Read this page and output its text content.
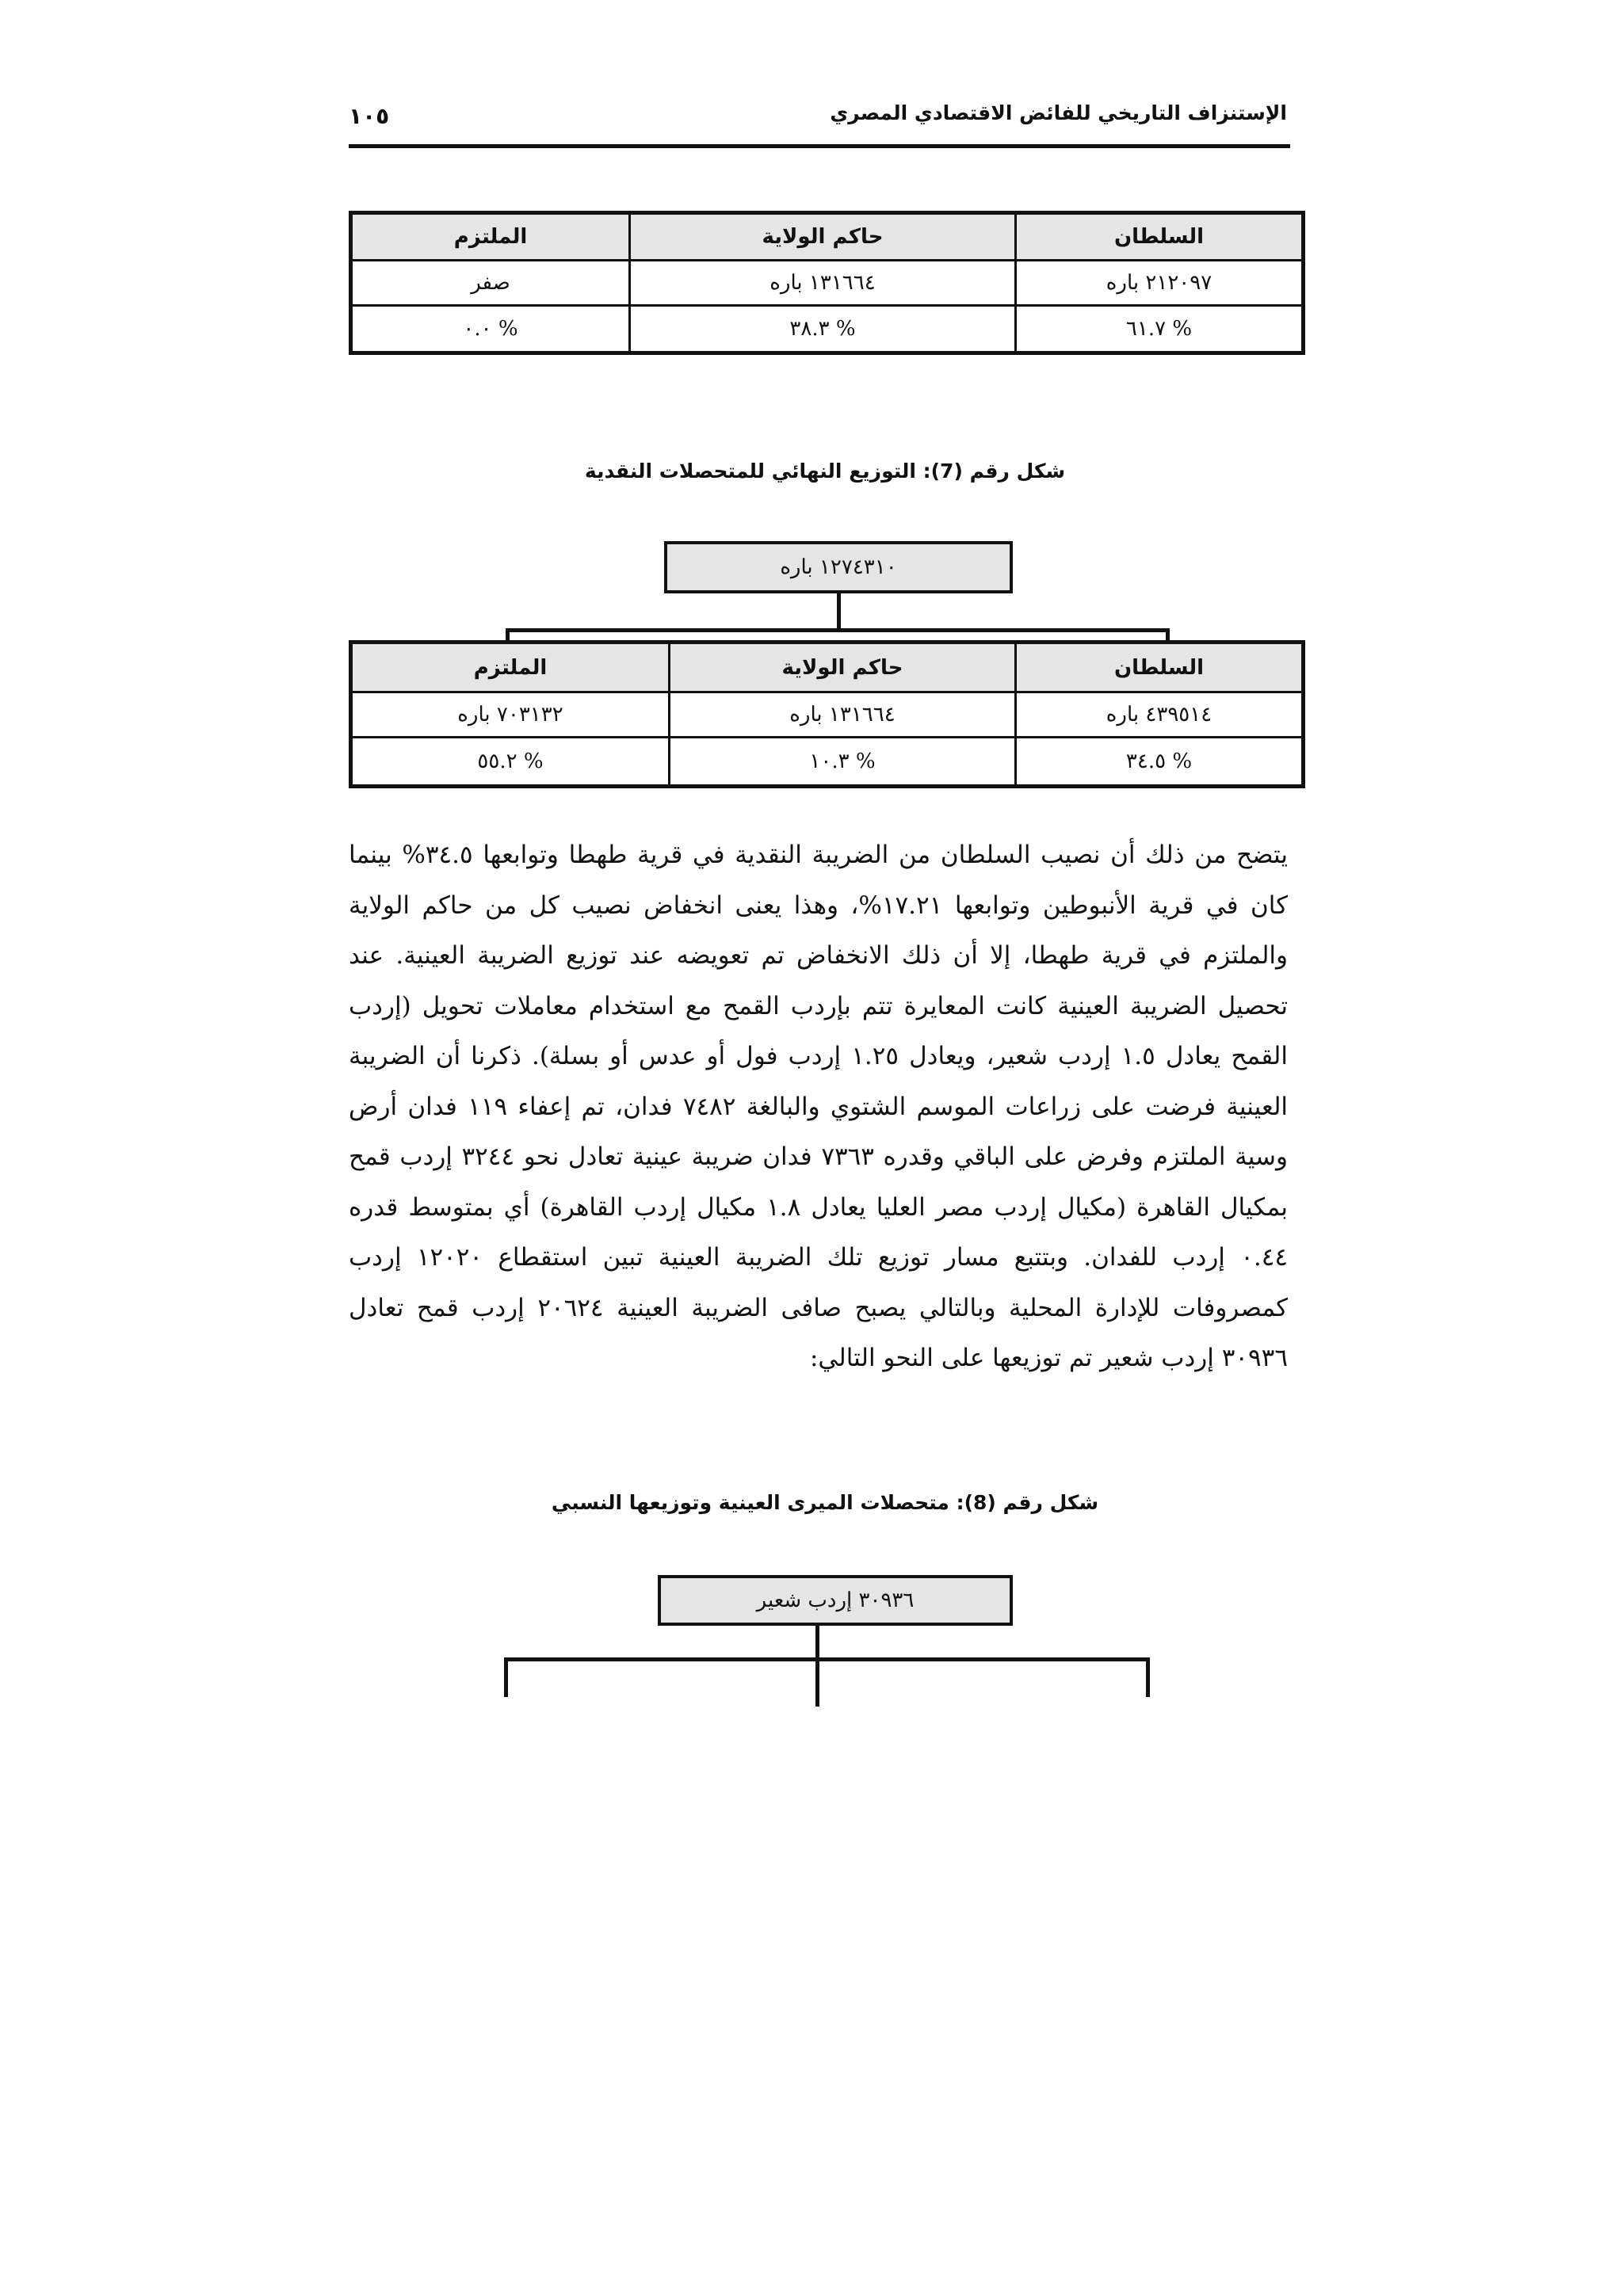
الإستنزاف التاريخي للفائض الاقتصادي المصري
١٠٥
السلطان	حاكم الولاية	الملتزم
٢١٢٠٩٧ باره	١٣١٦٦٤ باره	صفر
% ٦١.٧	% ٣٨.٣	% ٠.٠
شكل رقم (7): التوزيع النهائي للمتحصلات النقدية
١٢٧٤٣١٠ باره
السلطان	حاكم الولاية	الملتزم
٤٣٩٥١٤ باره	١٣١٦٦٤ باره	٧٠٣١٣٢ باره
% ٣٤.٥	% ١٠.٣	% ٥٥.٢

يتضح من ذلك أن نصيب السلطان من الضريبة النقدية في قرية طهطا وتوابعها ٣٤.٥% بينما كان في قرية الأنبوطين وتوابعها ١٧.٢١%، وهذا يعنى انخفاض نصيب كل من حاكم الولاية والملتزم في قرية طهطا، إلا أن ذلك الانخفاض تم تعويضه عند توزيع الضريبة العينية. عند تحصيل الضريبة العينية كانت المعايرة تتم بإردب القمح مع استخدام معاملات تحويل (إردب القمح يعادل ١.٥ إردب شعير، ويعادل ١.٢٥ إردب فول أو عدس أو بسلة). ذكرنا أن الضريبة العينية فرضت على زراعات الموسم الشتوي والبالغة ٧٤٨٢ فدان، تم إعفاء ١١٩ فدان أرض وسية الملتزم وفرض على الباقي وقدره ٧٣٦٣ فدان ضريبة عينية تعادل نحو ٣٢٤٤ إردب قمح بمكيال القاهرة (مكيال إردب مصر العليا يعادل ١.٨ مكيال إردب القاهرة) أي بمتوسط قدره ٠.٤٤ إردب للفدان. وبتتبع مسار توزيع تلك الضريبة العينية تبين استقطاع ١٢٠٢٠ إردب كمصروفات للإدارة المحلية وبالتالي يصبح صافى الضريبة العينية ٢٠٦٢٤ إردب قمح تعادل ٣٠٩٣٦ إردب شعير تم توزيعها على النحو التالي:

شكل رقم (8): متحصلات الميرى العينية وتوزيعها النسبي
٣٠٩٣٦ إردب شعير
